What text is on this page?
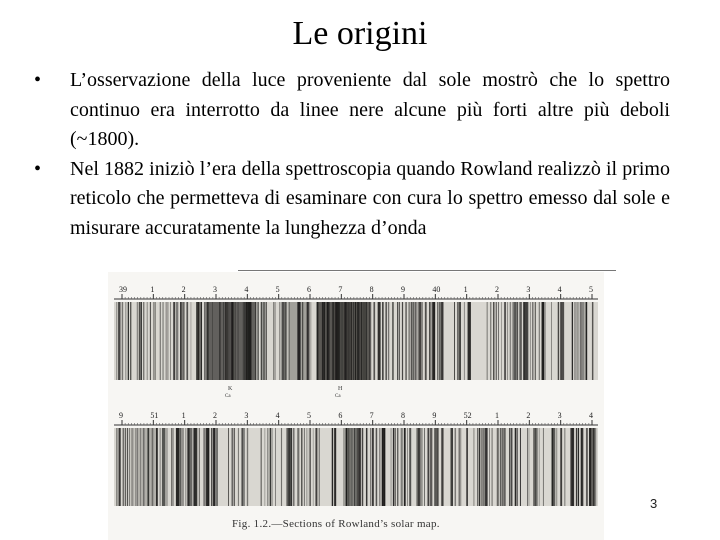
Le origini
• L’osservazione della luce proveniente dal sole mostrò che lo spettro continuo era interrotto da linee nere alcune più forti altre più deboli (~1800).
• Nel 1882 iniziò l’era della spettroscopia quando Rowland realizzò il primo reticolo che permetteva di esaminare con cura lo spettro emesso dal sole e misurare accuratamente la lunghezza d’onda
39	1	2	3	4	5	6	7	8	9	40	1	2	3	4	5
K
Ca
H
Ca
9	51	1	2	3	4	5	6	7	8	9	52	1	2	3	4
Fig. 1.2.—Sections of Rowland’s solar map.
3
